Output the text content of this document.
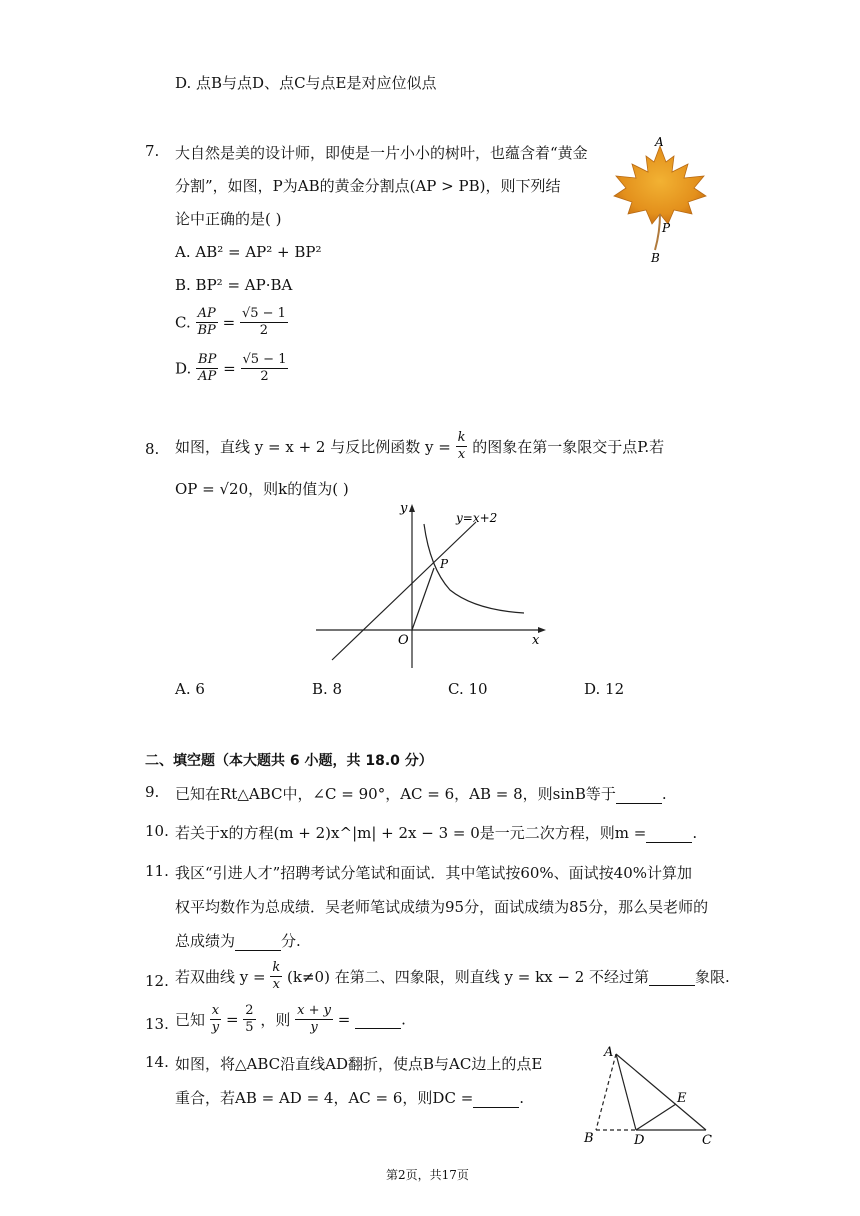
D. 点B与点D、点C与点E是对应位似点
7. 大自然是美的设计师，即使是一片小小的树叶，也蕴含着“黄金
分割”，如图，P为AB的黄金分割点(AP > PB)，则下列结
论中正确的是( )
A. AB² = AP² + BP²
B. BP² = AP·BA
C. $\frac{AP}{BP} = \frac{√5 - 1}{2}$
D. $\frac{BP}{AP} = \frac{√5 - 1}{2}$
A
P
B
8. 如图，直线 y = x + 2 与反比例函数 $y = \frac{k}{x}$ 的图象在第一象限交于点P.若
OP = √20，则k的值为( )
y
x
O
P
y=x+2
A. 6	B. 8	C. 10	D. 12
二、填空题（本大题共 6 小题，共 18.0 分）
9. 已知在Rt△ABC中，∠C = 90°，AC = 6，AB = 8，则sinB等于	.
10. 若关于x的方程(m + 2)x^|m| + 2x − 3 = 0是一元二次方程，则m =	.
11. 我区“引进人才”招聘考试分笔试和面试．其中笔试按60%、面试按40%计算加
权平均数作为总成绩．吴老师笔试成绩为95分，面试成绩为85分，那么吴老师的
总成绩为	分.
12. 若双曲线 $y = \frac{k}{x} (k\ne 0)$ 在第二、四象限，则直线 y = kx − 2 不经过第	象限.
13. 已知 $\frac{x}{y} = \frac{2}{5}$ ，则 $\frac{x + y}{y}$ =	.
14. 如图，将△ABC沿直线AD翻折，使点B与AC边上的点E
重合，若AB = AD = 4，AC = 6，则DC =	.
A
B	D	C
E
第2页，共17页
